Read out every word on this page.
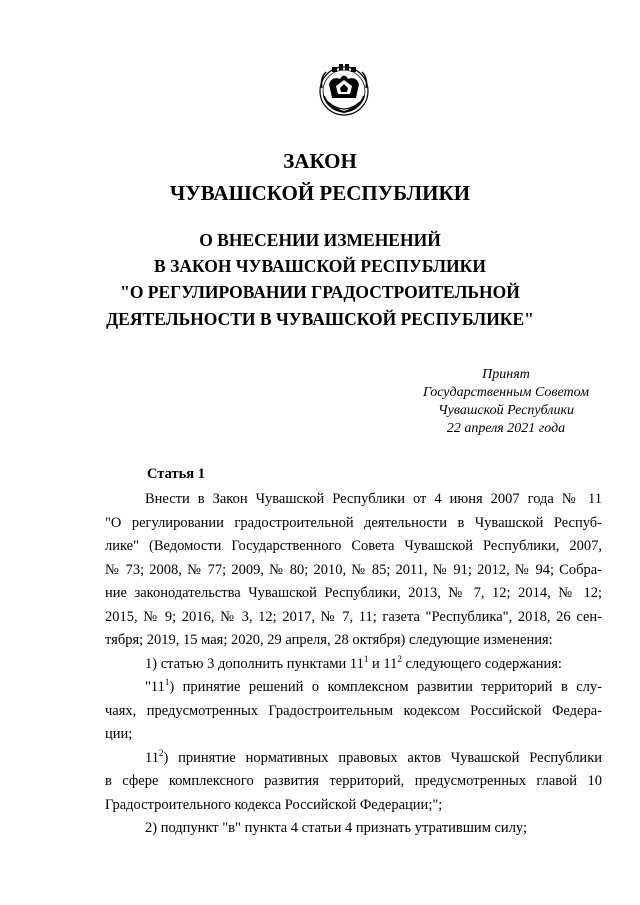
ЗАКОН
ЧУВАШСКОЙ РЕСПУБЛИКИ
О ВНЕСЕНИИ ИЗМЕНЕНИЙ
В ЗАКОН ЧУВАШСКОЙ РЕСПУБЛИКИ
"О РЕГУЛИРОВАНИИ ГРАДОСТРОИТЕЛЬНОЙ
ДЕЯТЕЛЬНОСТИ В ЧУВАШСКОЙ РЕСПУБЛИКЕ"
Принят
Государственным Советом
Чувашской Республики
22 апреля 2021 года
Статья 1
Внести в Закон Чувашской Республики от 4 июня 2007 года № 11
"О регулировании градостроительной деятельности в Чувашской Респуб-
лике" (Ведомости Государственного Совета Чувашской Республики, 2007,
№ 73; 2008, № 77; 2009, № 80; 2010, № 85; 2011, № 91; 2012, № 94; Собра-
ние законодательства Чувашской Республики, 2013, № 7, 12; 2014, № 12;
2015, № 9; 2016, № 3, 12; 2017, № 7, 11; газета "Республика", 2018, 26 сен-
тября; 2019, 15 мая; 2020, 29 апреля, 28 октября) следующие изменения:
1) статью 3 дополнить пунктами $11^1$ и $11^2$ следующего содержания:
"$11^1$) принятие решений о комплексном развитии территорий в слу-
чаях, предусмотренных Градостроительным кодексом Российской Федера-
ции;
$11^2$) принятие нормативных правовых актов Чувашской Республики
в сфере комплексного развития территорий, предусмотренных главой 10
Градостроительного кодекса Российской Федерации;";
2) подпункт "в" пункта 4 статьи 4 признать утратившим силу;
